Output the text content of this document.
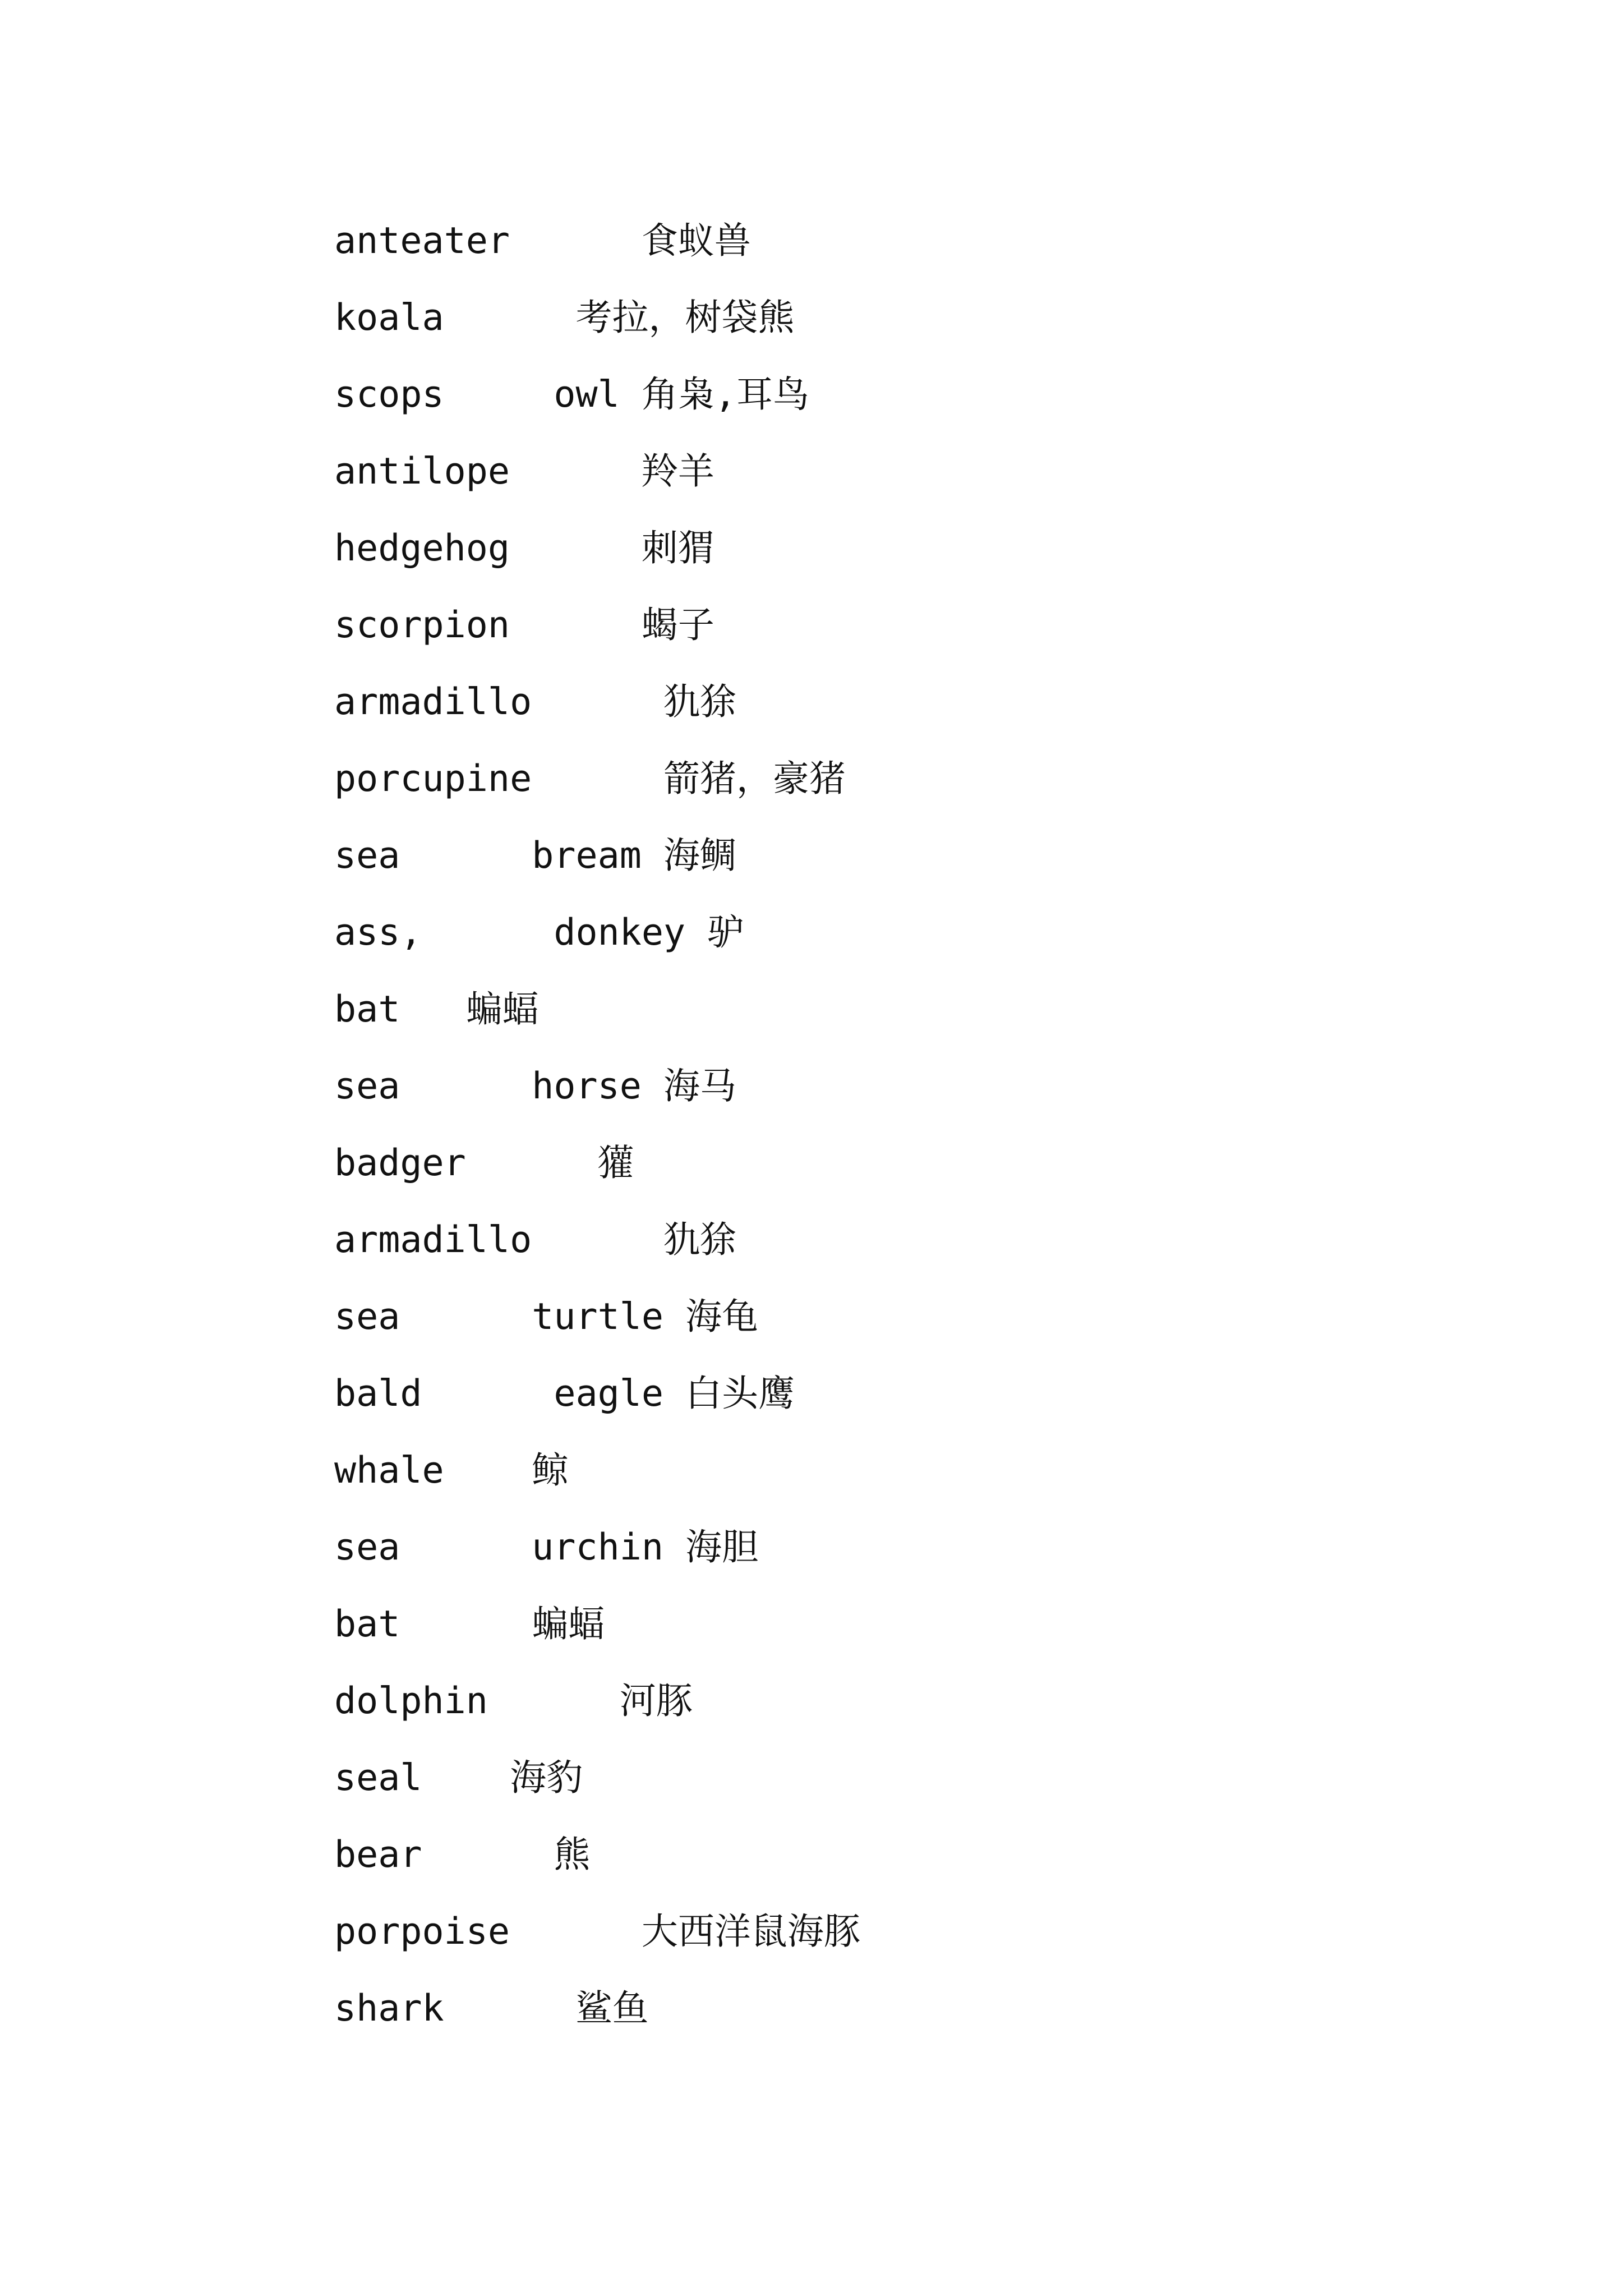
anteater      食蚁兽
koala      考拉，树袋熊
scops     owl 角枭,耳鸟
antilope      羚羊
hedgehog      刺猬
scorpion      蝎子
armadillo      犰狳
porcupine      箭猪，豪猪
sea      bream 海鲷
ass,      donkey 驴
bat   蝙蝠
sea      horse 海马
badger      獾
armadillo      犰狳
sea      turtle 海龟
bald      eagle 白头鹰
whale    鲸
sea      urchin 海胆
bat      蝙蝠
dolphin      河豚
seal    海豹
bear      熊
porpoise      大西洋鼠海豚
shark      鲨鱼
